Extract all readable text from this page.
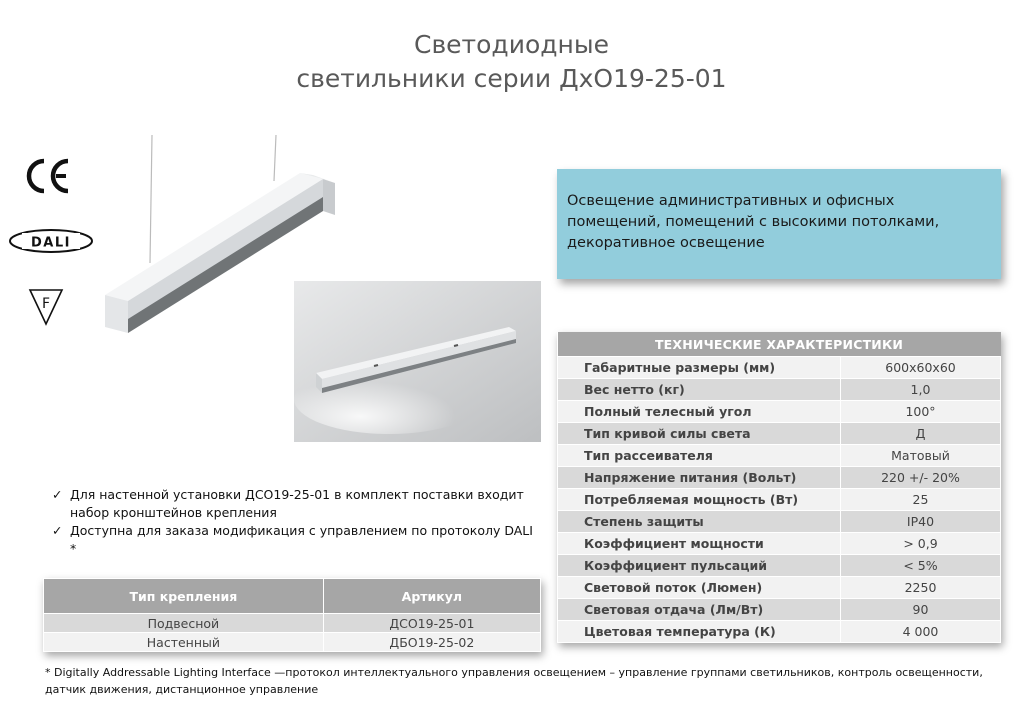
Светодиодные
светильники серии ДхО19-25-01
DALI
F
Освещение административных и офисных помещений, помещений с высокими потолками, декоративное освещение
ТЕХНИЧЕСКИЕ ХАРАКТЕРИСТИКИ	
Габаритные размеры (мм)	600х60х60
Вес нетто (кг)	1,0
Полный телесный угол	100°
Тип кривой силы света	Д
Тип рассеивателя	Матовый
Напряжение питания (Вольт)	220 +/- 20%
Потребляемая мощность (Вт)	25
Степень защиты	IP40
Коэффициент мощности	> 0,9
Коэффициент пульсаций	< 5%
Световой поток (Люмен)	2250
Световая отдача (Лм/Вт)	90
Цветовая температура (К)	4 000
✓ Для настенной установки ДСО19-25-01 в комплект поставки входит набор кронштейнов крепления
✓ Доступна для заказа модификация с управлением по протоколу DALI *
Тип крепления	Артикул
Подвесной	ДСО19-25-01
Настенный	ДБО19-25-02
* Digitally Addressable Lighting Interface —протокол интеллектуального управления освещением – управление группами светильников, контроль освещенности, датчик движения, дистанционное управление
